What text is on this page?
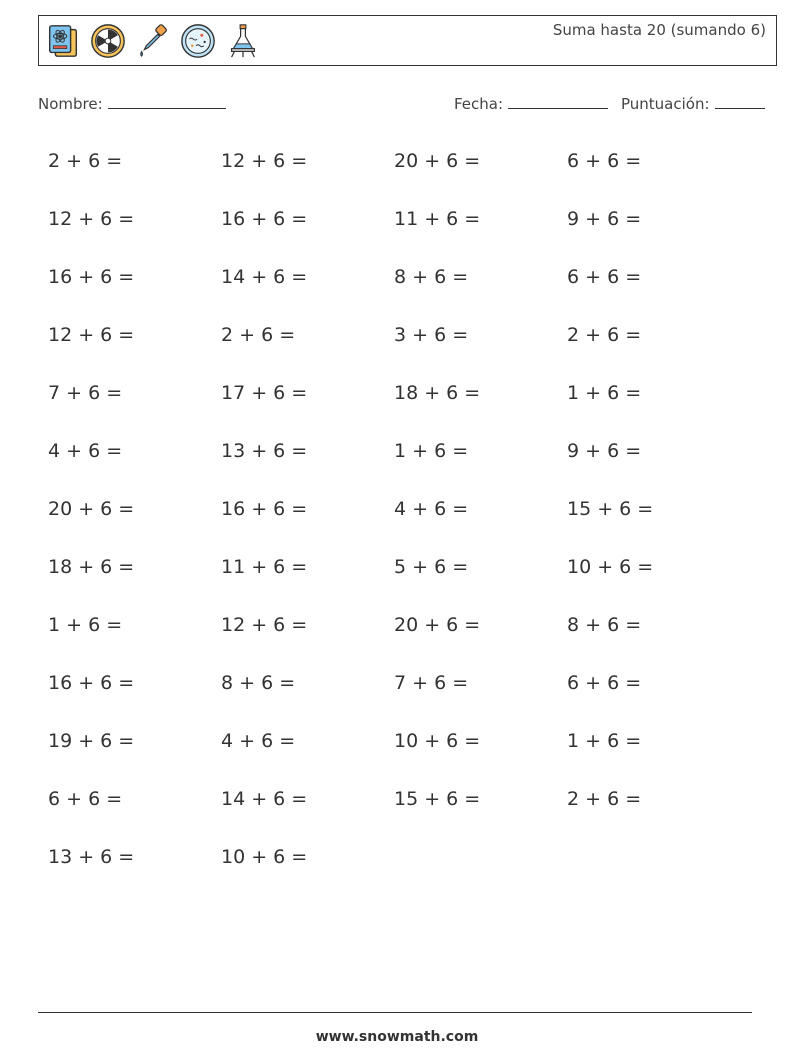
Suma hasta 20 (sumando 6)
Nombre:	Fecha:	Puntuación:
2 + 6 =	12 + 6 =	20 + 6 =	6 + 6 =
12 + 6 =	16 + 6 =	11 + 6 =	9 + 6 =
16 + 6 =	14 + 6 =	8 + 6 =	6 + 6 =
12 + 6 =	2 + 6 =	3 + 6 =	2 + 6 =
7 + 6 =	17 + 6 =	18 + 6 =	1 + 6 =
4 + 6 =	13 + 6 =	1 + 6 =	9 + 6 =
20 + 6 =	16 + 6 =	4 + 6 =	15 + 6 =
18 + 6 =	11 + 6 =	5 + 6 =	10 + 6 =
1 + 6 =	12 + 6 =	20 + 6 =	8 + 6 =
16 + 6 =	8 + 6 =	7 + 6 =	6 + 6 =
19 + 6 =	4 + 6 =	10 + 6 =	1 + 6 =
6 + 6 =	14 + 6 =	15 + 6 =	2 + 6 =
13 + 6 =	10 + 6 =
www.snowmath.com
